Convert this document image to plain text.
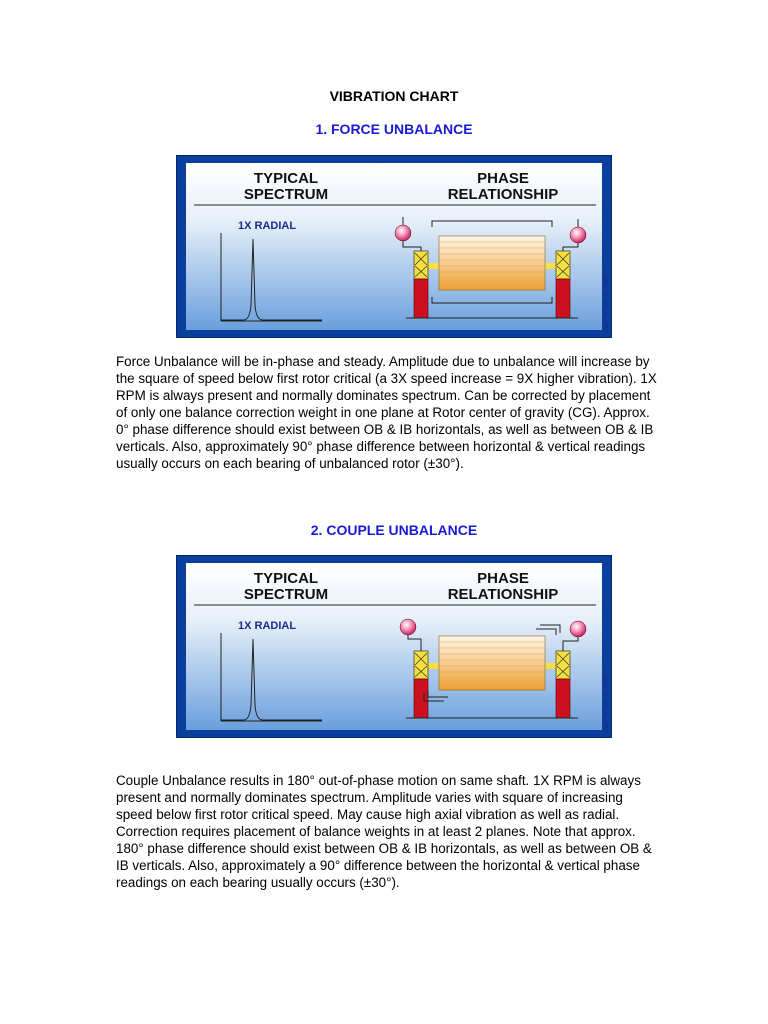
VIBRATION CHART
1. FORCE UNBALANCE
TYPICAL
SPECTRUM
PHASE
RELATIONSHIP
1X RADIAL
COPYRIGHT © 2001

Force Unbalance will be in-phase and steady. Amplitude due to unbalance will increase by the square of speed below first rotor critical (a 3X speed increase = 9X higher vibration). 1X RPM is always present and normally dominates spectrum. Can be corrected by placement of only one balance correction weight in one plane at Rotor center of gravity (CG). Approx. 0° phase difference should exist between OB & IB horizontals, as well as between OB & IB verticals. Also, approximately 90° phase difference between horizontal & vertical readings usually occurs on each bearing of unbalanced rotor (±30°).

2. COUPLE UNBALANCE
TYPICAL
SPECTRUM
PHASE
RELATIONSHIP
1X RADIAL
COPYRIGHT © 2001

Couple Unbalance results in 180° out-of-phase motion on same shaft. 1X RPM is always present and normally dominates spectrum. Amplitude varies with square of increasing speed below first rotor critical speed. May cause high axial vibration as well as radial. Correction requires placement of balance weights in at least 2 planes. Note that approx. 180° phase difference should exist between OB & IB horizontals, as well as between OB & IB verticals. Also, approximately a 90° difference between the horizontal & vertical phase readings on each bearing usually occurs (±30°).
